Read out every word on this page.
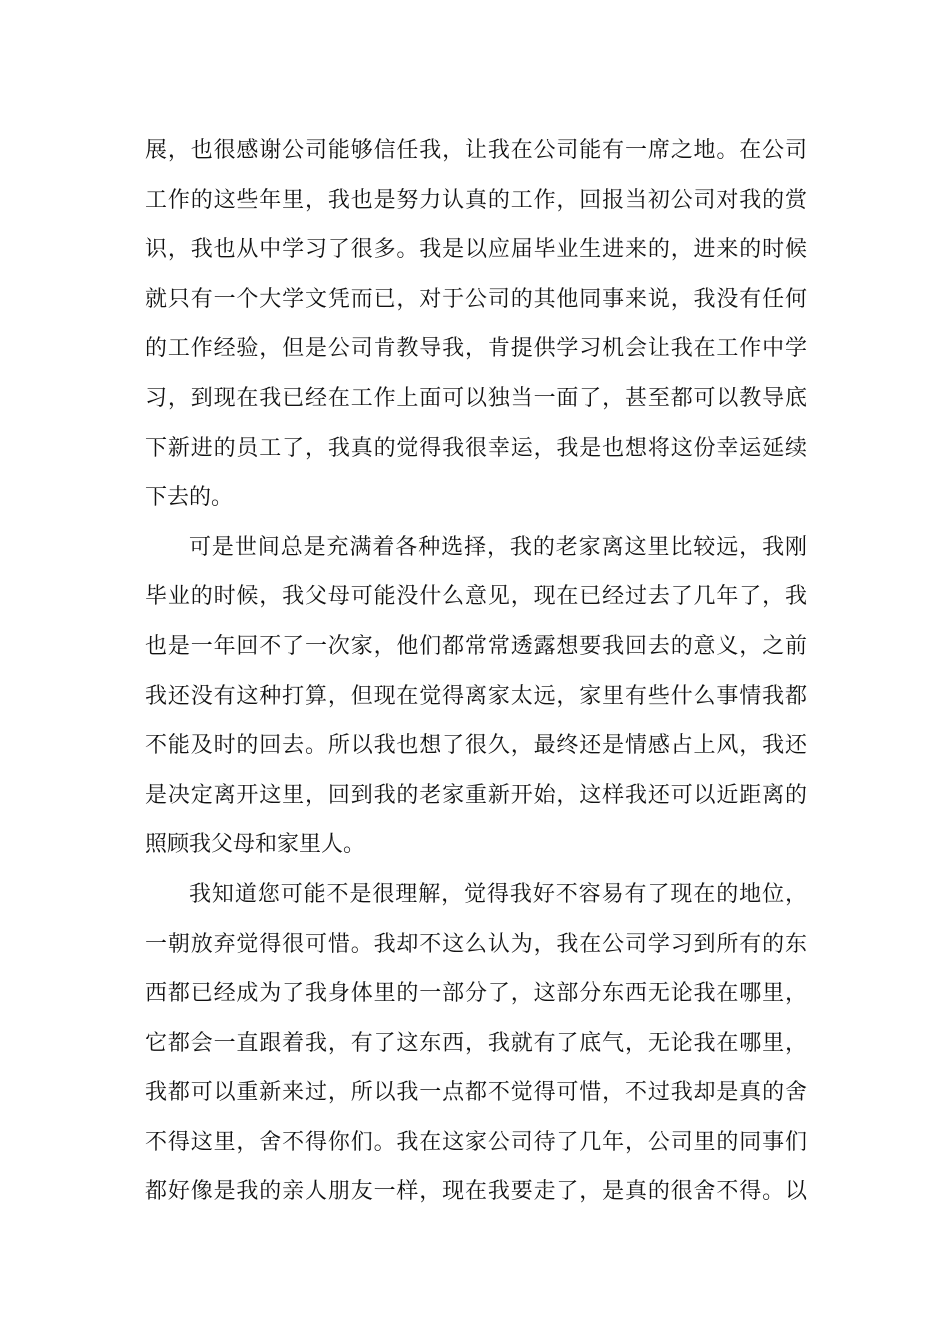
展，也很感谢公司能够信任我，让我在公司能有一席之地。在公司
工作的这些年里，我也是努力认真的工作，回报当初公司对我的赏
识，我也从中学习了很多。我是以应届毕业生进来的，进来的时候
就只有一个大学文凭而已，对于公司的其他同事来说，我没有任何
的工作经验，但是公司肯教导我，肯提供学习机会让我在工作中学
习，到现在我已经在工作上面可以独当一面了，甚至都可以教导底
下新进的员工了，我真的觉得我很幸运，我是也想将这份幸运延续
下去的。
可是世间总是充满着各种选择，我的老家离这里比较远，我刚
毕业的时候，我父母可能没什么意见，现在已经过去了几年了，我
也是一年回不了一次家，他们都常常透露想要我回去的意义，之前
我还没有这种打算，但现在觉得离家太远，家里有些什么事情我都
不能及时的回去。所以我也想了很久，最终还是情感占上风，我还
是决定离开这里，回到我的老家重新开始，这样我还可以近距离的
照顾我父母和家里人。
我知道您可能不是很理解，觉得我好不容易有了现在的地位，
一朝放弃觉得很可惜。我却不这么认为，我在公司学习到所有的东
西都已经成为了我身体里的一部分了，这部分东西无论我在哪里，
它都会一直跟着我，有了这东西，我就有了底气，无论我在哪里，
我都可以重新来过，所以我一点都不觉得可惜，不过我却是真的舍
不得这里，舍不得你们。我在这家公司待了几年，公司里的同事们
都好像是我的亲人朋友一样，现在我要走了，是真的很舍不得。以
